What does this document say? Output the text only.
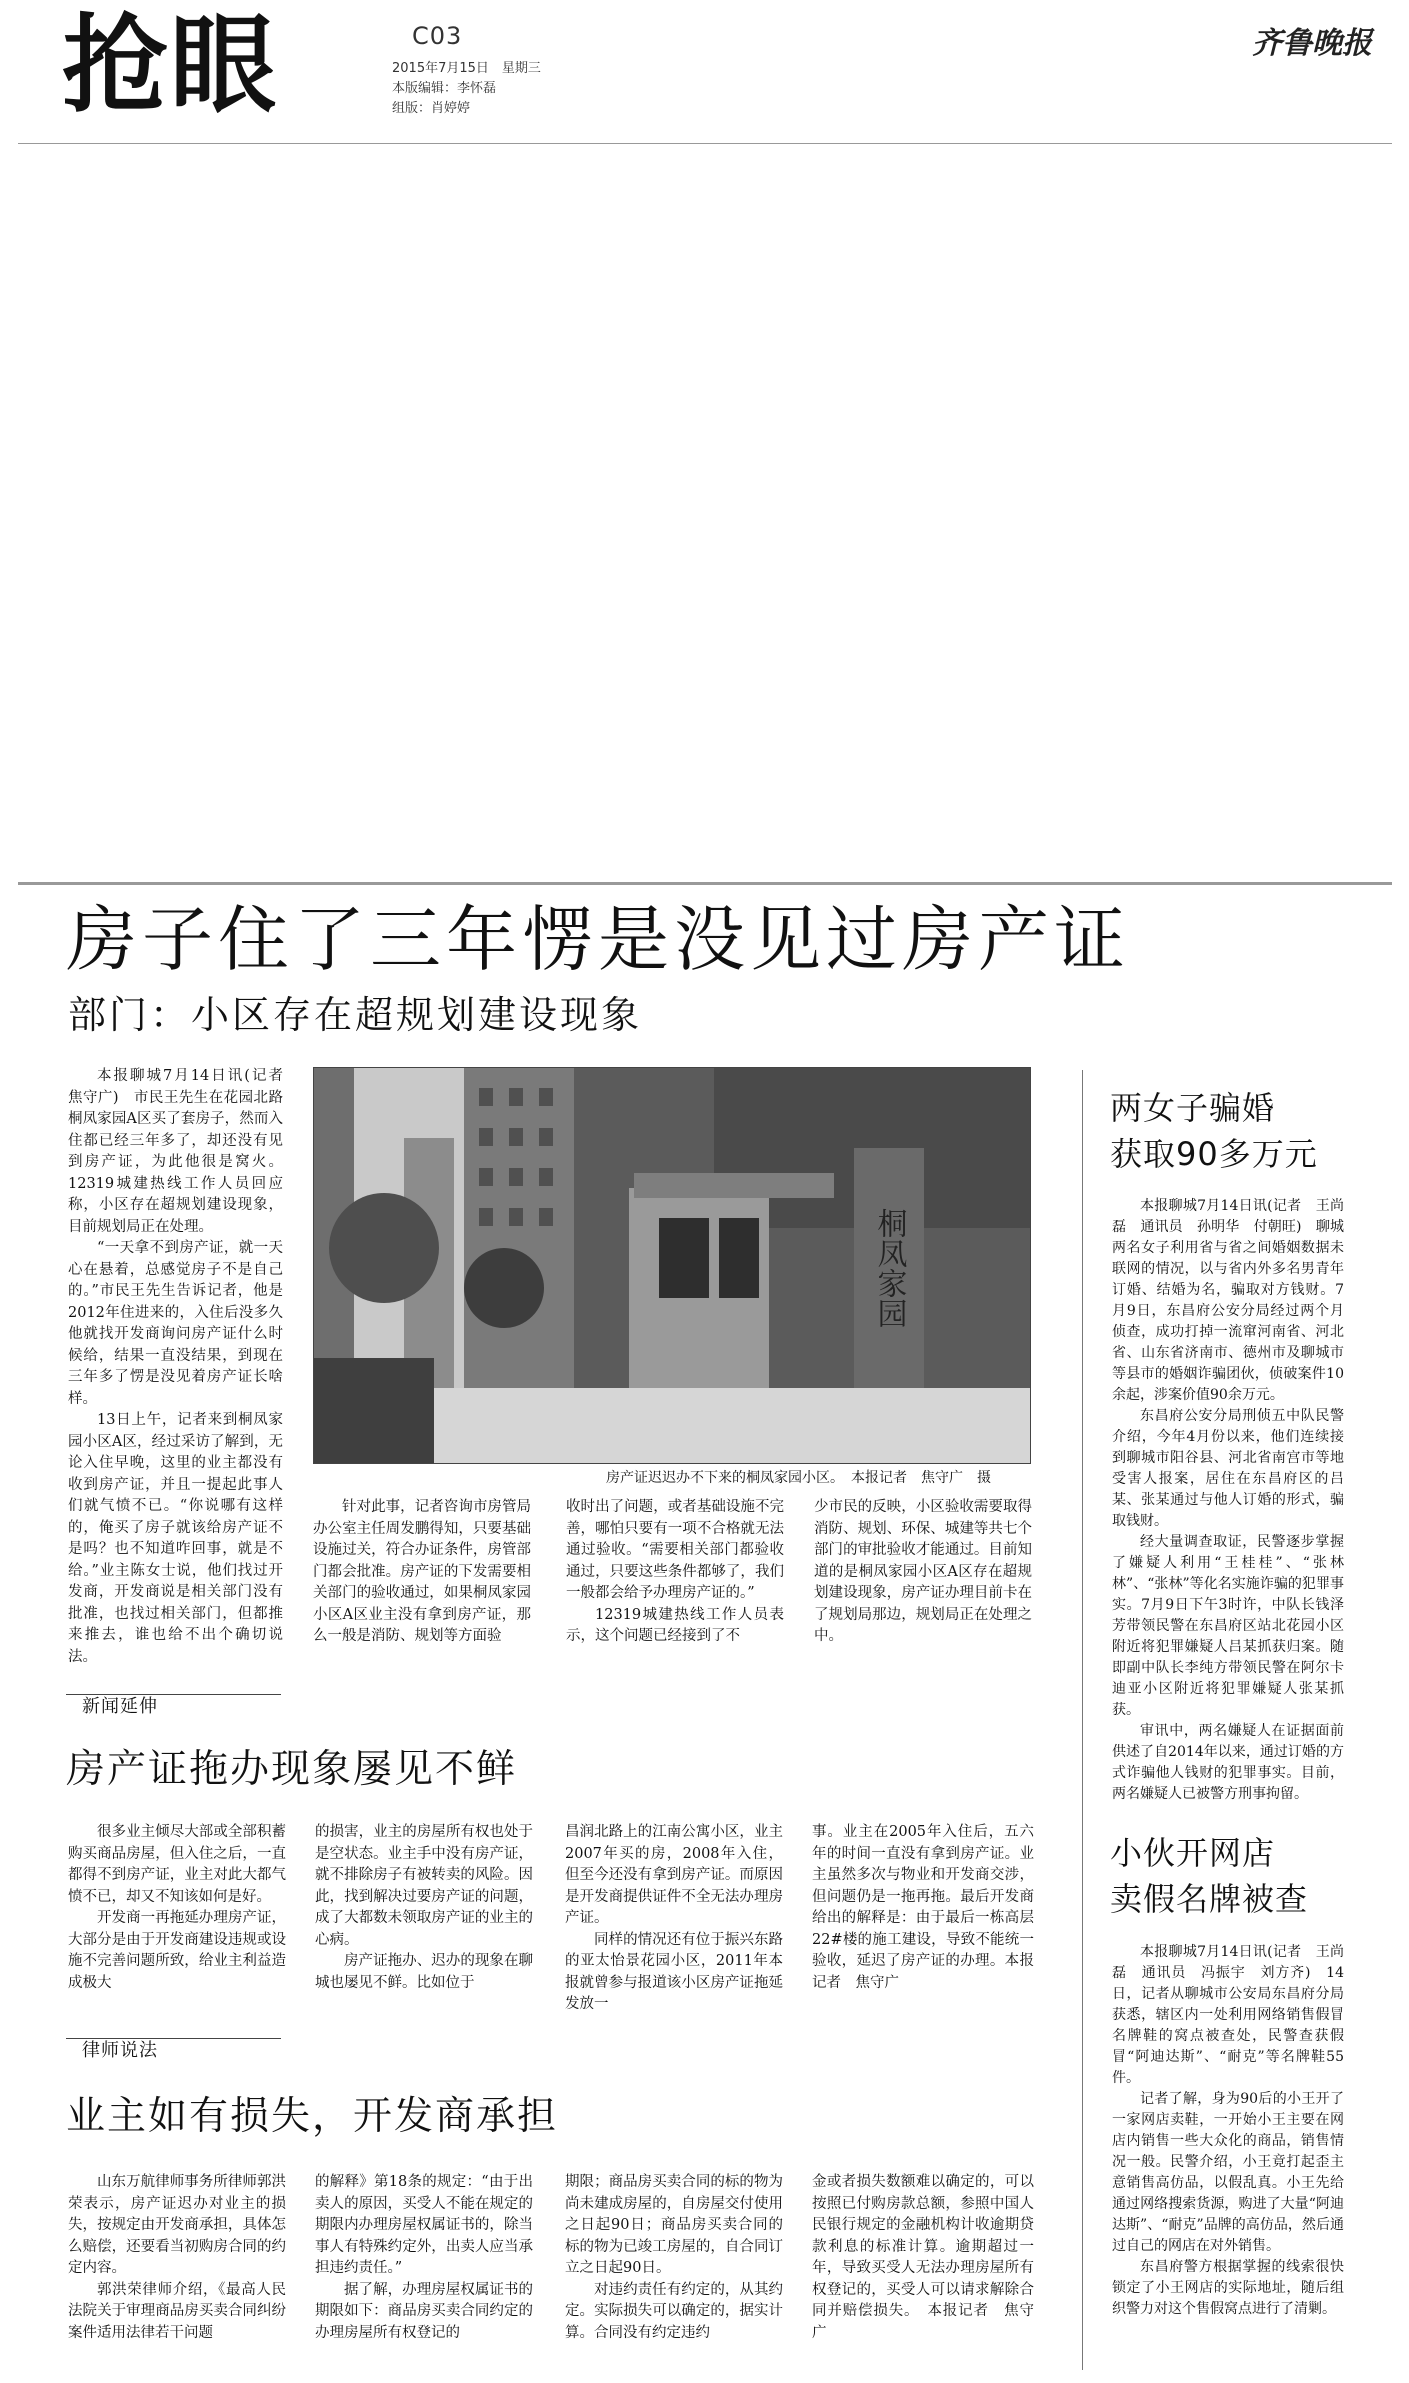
抢眼	C03
2015年7月15日　星期三
本版编辑：李怀磊
组版：肖婷婷
齐鲁晚报
房子住了三年愣是没见过房产证
部门：小区存在超规划建设现象

本报聊城7月14日讯(记者　焦守广)　市民王先生在花园北路桐凤家园A区买了套房子，然而入住都已经三年多了，却还没有见到房产证，为此他很是窝火。12319城建热线工作人员回应称，小区存在超规划建设现象，目前规划局正在处理。

“一天拿不到房产证，就一天心在悬着，总感觉房子不是自己的。”市民王先生告诉记者，他是2012年住进来的，入住后没多久他就找开发商询问房产证什么时候给，结果一直没结果，到现在三年多了愣是没见着房产证长啥样。

13日上午，记者来到桐凤家园小区A区，经过采访了解到，无论入住早晚，这里的业主都没有收到房产证，并且一提起此事人们就气愤不已。“你说哪有这样的，俺买了房子就该给房产证不是吗？也不知道咋回事，就是不给。”业主陈女士说，他们找过开发商，开发商说是相关部门没有批准，也找过相关部门，但都推来推去，谁也给不出个确切说法。

桐凤家园
房产证迟迟办不下来的桐凤家园小区。　本报记者　焦守广　摄

针对此事，记者咨询市房管局办公室主任周发鹏得知，只要基础设施过关，符合办证条件，房管部门都会批准。房产证的下发需要相关部门的验收通过，如果桐凤家园小区A区业主没有拿到房产证，那么一般是消防、规划等方面验

收时出了问题，或者基础设施不完善，哪怕只要有一项不合格就无法通过验收。“需要相关部门都验收通过，只要这些条件都够了，我们一般都会给予办理房产证的。”

12319城建热线工作人员表示，这个问题已经接到了不

少市民的反映，小区验收需要取得消防、规划、环保、城建等共七个部门的审批验收才能通过。目前知道的是桐凤家园小区A区存在超规划建设现象，房产证办理目前卡在了规划局那边，规划局正在处理之中。

新闻延伸
房产证拖办现象屡见不鲜

很多业主倾尽大部或全部积蓄购买商品房屋，但入住之后，一直都得不到房产证，业主对此大都气愤不已，却又不知该如何是好。

开发商一再拖延办理房产证，大部分是由于开发商建设违规或设施不完善问题所致，给业主利益造成极大

的损害，业主的房屋所有权也处于是空状态。业主手中没有房产证，就不排除房子有被转卖的风险。因此，找到解决过要房产证的问题，成了大都数未领取房产证的业主的心病。

房产证拖办、迟办的现象在聊城也屡见不鲜。比如位于

昌润北路上的江南公寓小区，业主2007年买的房，2008年入住，但至今还没有拿到房产证。而原因是开发商提供证件不全无法办理房产证。

同样的情况还有位于振兴东路的亚太怡景花园小区，2011年本报就曾参与报道该小区房产证拖延发放一

事。业主在2005年入住后，五六年的时间一直没有拿到房产证。业主虽然多次与物业和开发商交涉，但问题仍是一拖再拖。最后开发商给出的解释是：由于最后一栋高层22#楼的施工建设，导致不能统一验收，延迟了房产证的办理。本报记者　焦守广

律师说法
业主如有损失，开发商承担

山东万航律师事务所律师郭洪荣表示，房产证迟办对业主的损失，按规定由开发商承担，具体怎么赔偿，还要看当初购房合同的约定内容。

郭洪荣律师介绍，《最高人民法院关于审理商品房买卖合同纠纷案件适用法律若干问题

的解释》第18条的规定：“由于出卖人的原因，买受人不能在规定的期限内办理房屋权属证书的，除当事人有特殊约定外，出卖人应当承担违约责任。”

据了解，办理房屋权属证书的期限如下：商品房买卖合同约定的办理房屋所有权登记的

期限；商品房买卖合同的标的物为尚未建成房屋的，自房屋交付使用之日起90日；商品房买卖合同的标的物为已竣工房屋的，自合同订立之日起90日。

对违约责任有约定的，从其约定。实际损失可以确定的，据实计算。合同没有约定违约

金或者损失数额难以确定的，可以按照已付购房款总额，参照中国人民银行规定的金融机构计收逾期贷款利息的标准计算。逾期超过一年，导致买受人无法办理房屋所有权登记的，买受人可以请求解除合同并赔偿损失。　本报记者　焦守广

两女子骗婚
获取90多万元

本报聊城7月14日讯(记者　王尚磊　通讯员　孙明华　付朝旺)　聊城两名女子利用省与省之间婚姻数据未联网的情况，以与省内外多名男青年订婚、结婚为名，骗取对方钱财。7月9日，东昌府公安分局经过两个月侦查，成功打掉一流窜河南省、河北省、山东省济南市、德州市及聊城市等县市的婚姻诈骗团伙，侦破案件10余起，涉案价值90余万元。

东昌府公安分局刑侦五中队民警介绍，今年4月份以来，他们连续接到聊城市阳谷县、河北省南宫市等地受害人报案，居住在东昌府区的吕某、张某通过与他人订婚的形式，骗取钱财。

经大量调查取证，民警逐步掌握了嫌疑人利用“王桂桂”、“张林林”、“张林”等化名实施诈骗的犯罪事实。7月9日下午3时许，中队长钱泽芳带领民警在东昌府区站北花园小区附近将犯罪嫌疑人吕某抓获归案。随即副中队长李纯方带领民警在阿尔卡迪亚小区附近将犯罪嫌疑人张某抓获。

审讯中，两名嫌疑人在证据面前供述了自2014年以来，通过订婚的方式诈骗他人钱财的犯罪事实。目前，两名嫌疑人已被警方刑事拘留。

小伙开网店
卖假名牌被查

本报聊城7月14日讯(记者　王尚磊　通讯员　冯振宇　刘方齐)　14日，记者从聊城市公安局东昌府分局获悉，辖区内一处利用网络销售假冒名牌鞋的窝点被查处，民警查获假冒“阿迪达斯”、“耐克”等名牌鞋55件。

记者了解，身为90后的小王开了一家网店卖鞋，一开始小王主要在网店内销售一些大众化的商品，销售情况一般。民警介绍，小王竟打起歪主意销售高仿品，以假乱真。小王先给通过网络搜索货源，购进了大量“阿迪达斯”、“耐克”品牌的高仿品，然后通过自己的网店在对外销售。

东昌府警方根据掌握的线索很快锁定了小王网店的实际地址，随后组织警力对这个售假窝点进行了清剿。
